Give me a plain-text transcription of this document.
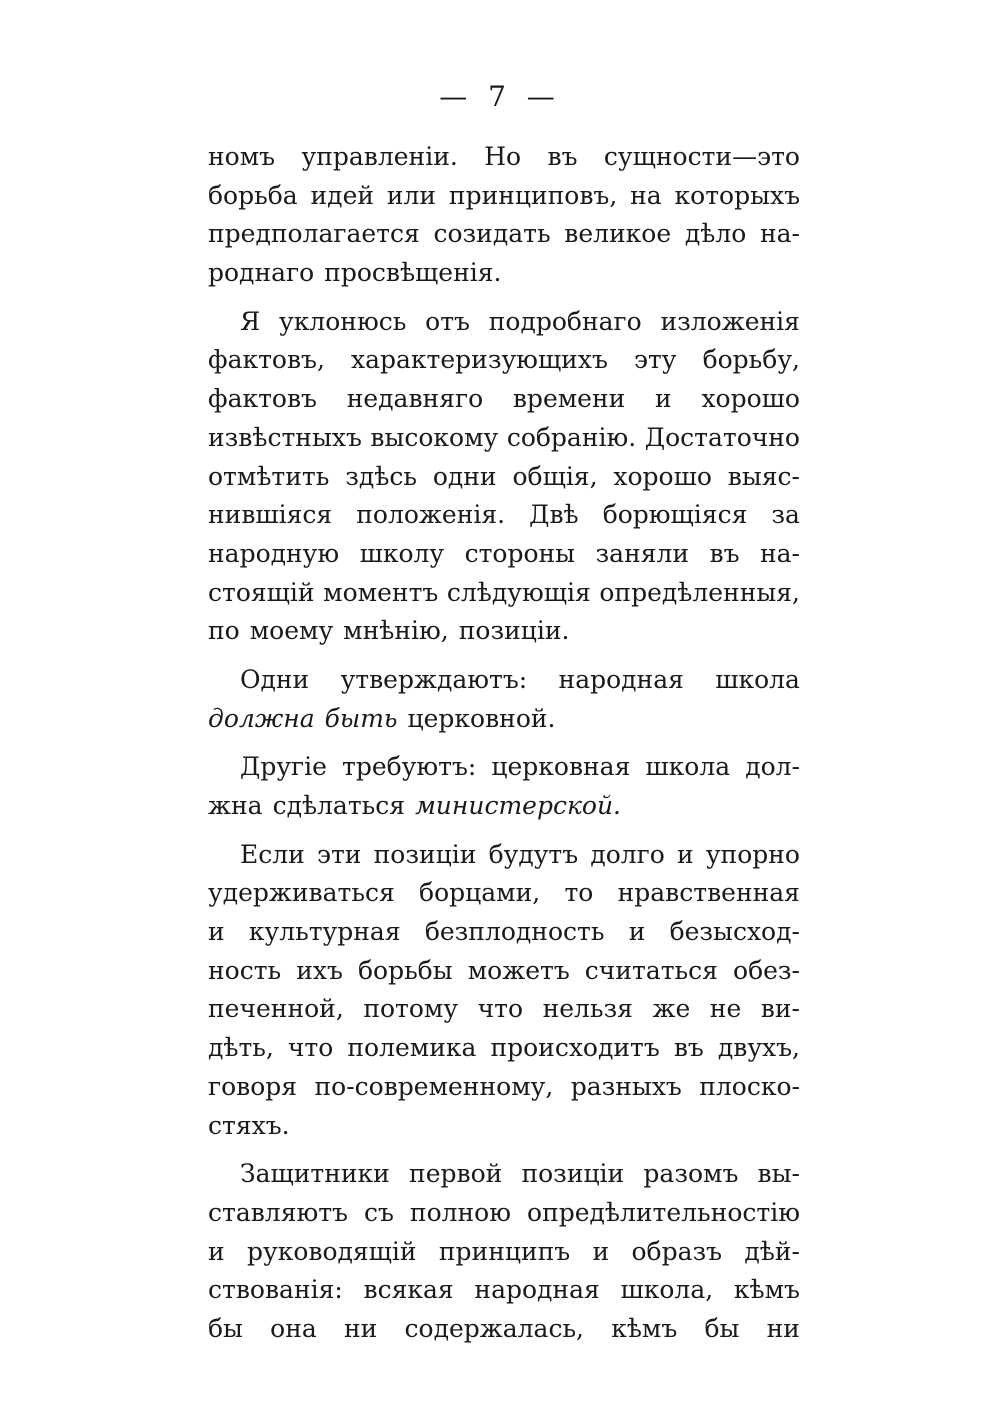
— 7 —
номъ управленіи. Но въ сущности—это
борьба идей или принциповъ, на которыхъ
предполагается созидать великое дѣло на-
роднаго просвѣщенія.
Я уклонюсь отъ подробнаго изложенія
фактовъ, характеризующихъ эту борьбу,
фактовъ недавняго времени и хорошо
извѣстныхъ высокому собранію. Достаточно
отмѣтить здѣсь одни общія, хорошо выяс-
нившіяся положенія. Двѣ борющіяся за
народную школу стороны заняли въ на-
стоящій моментъ слѣдующія опредѣленныя,
по моему мнѣнію, позиціи.
Одни утверждаютъ: народная школа
должна быть церковной.
Другіе требуютъ: церковная школа дол-
жна сдѣлаться министерской.
Если эти позиціи будутъ долго и упорно
удерживаться борцами, то нравственная
и культурная безплодность и безысход-
ность ихъ борьбы можетъ считаться обез-
печенной, потому что нельзя же не ви-
дѣть, что полемика происходитъ въ двухъ,
говоря по-современному, разныхъ плоско-
стяхъ.
Защитники первой позиціи разомъ вы-
ставляютъ съ полною опредѣлительностію
и руководящій принципъ и образъ дѣй-
ствованія: всякая народная школа, кѣмъ
бы она ни содержалась, кѣмъ бы ни
